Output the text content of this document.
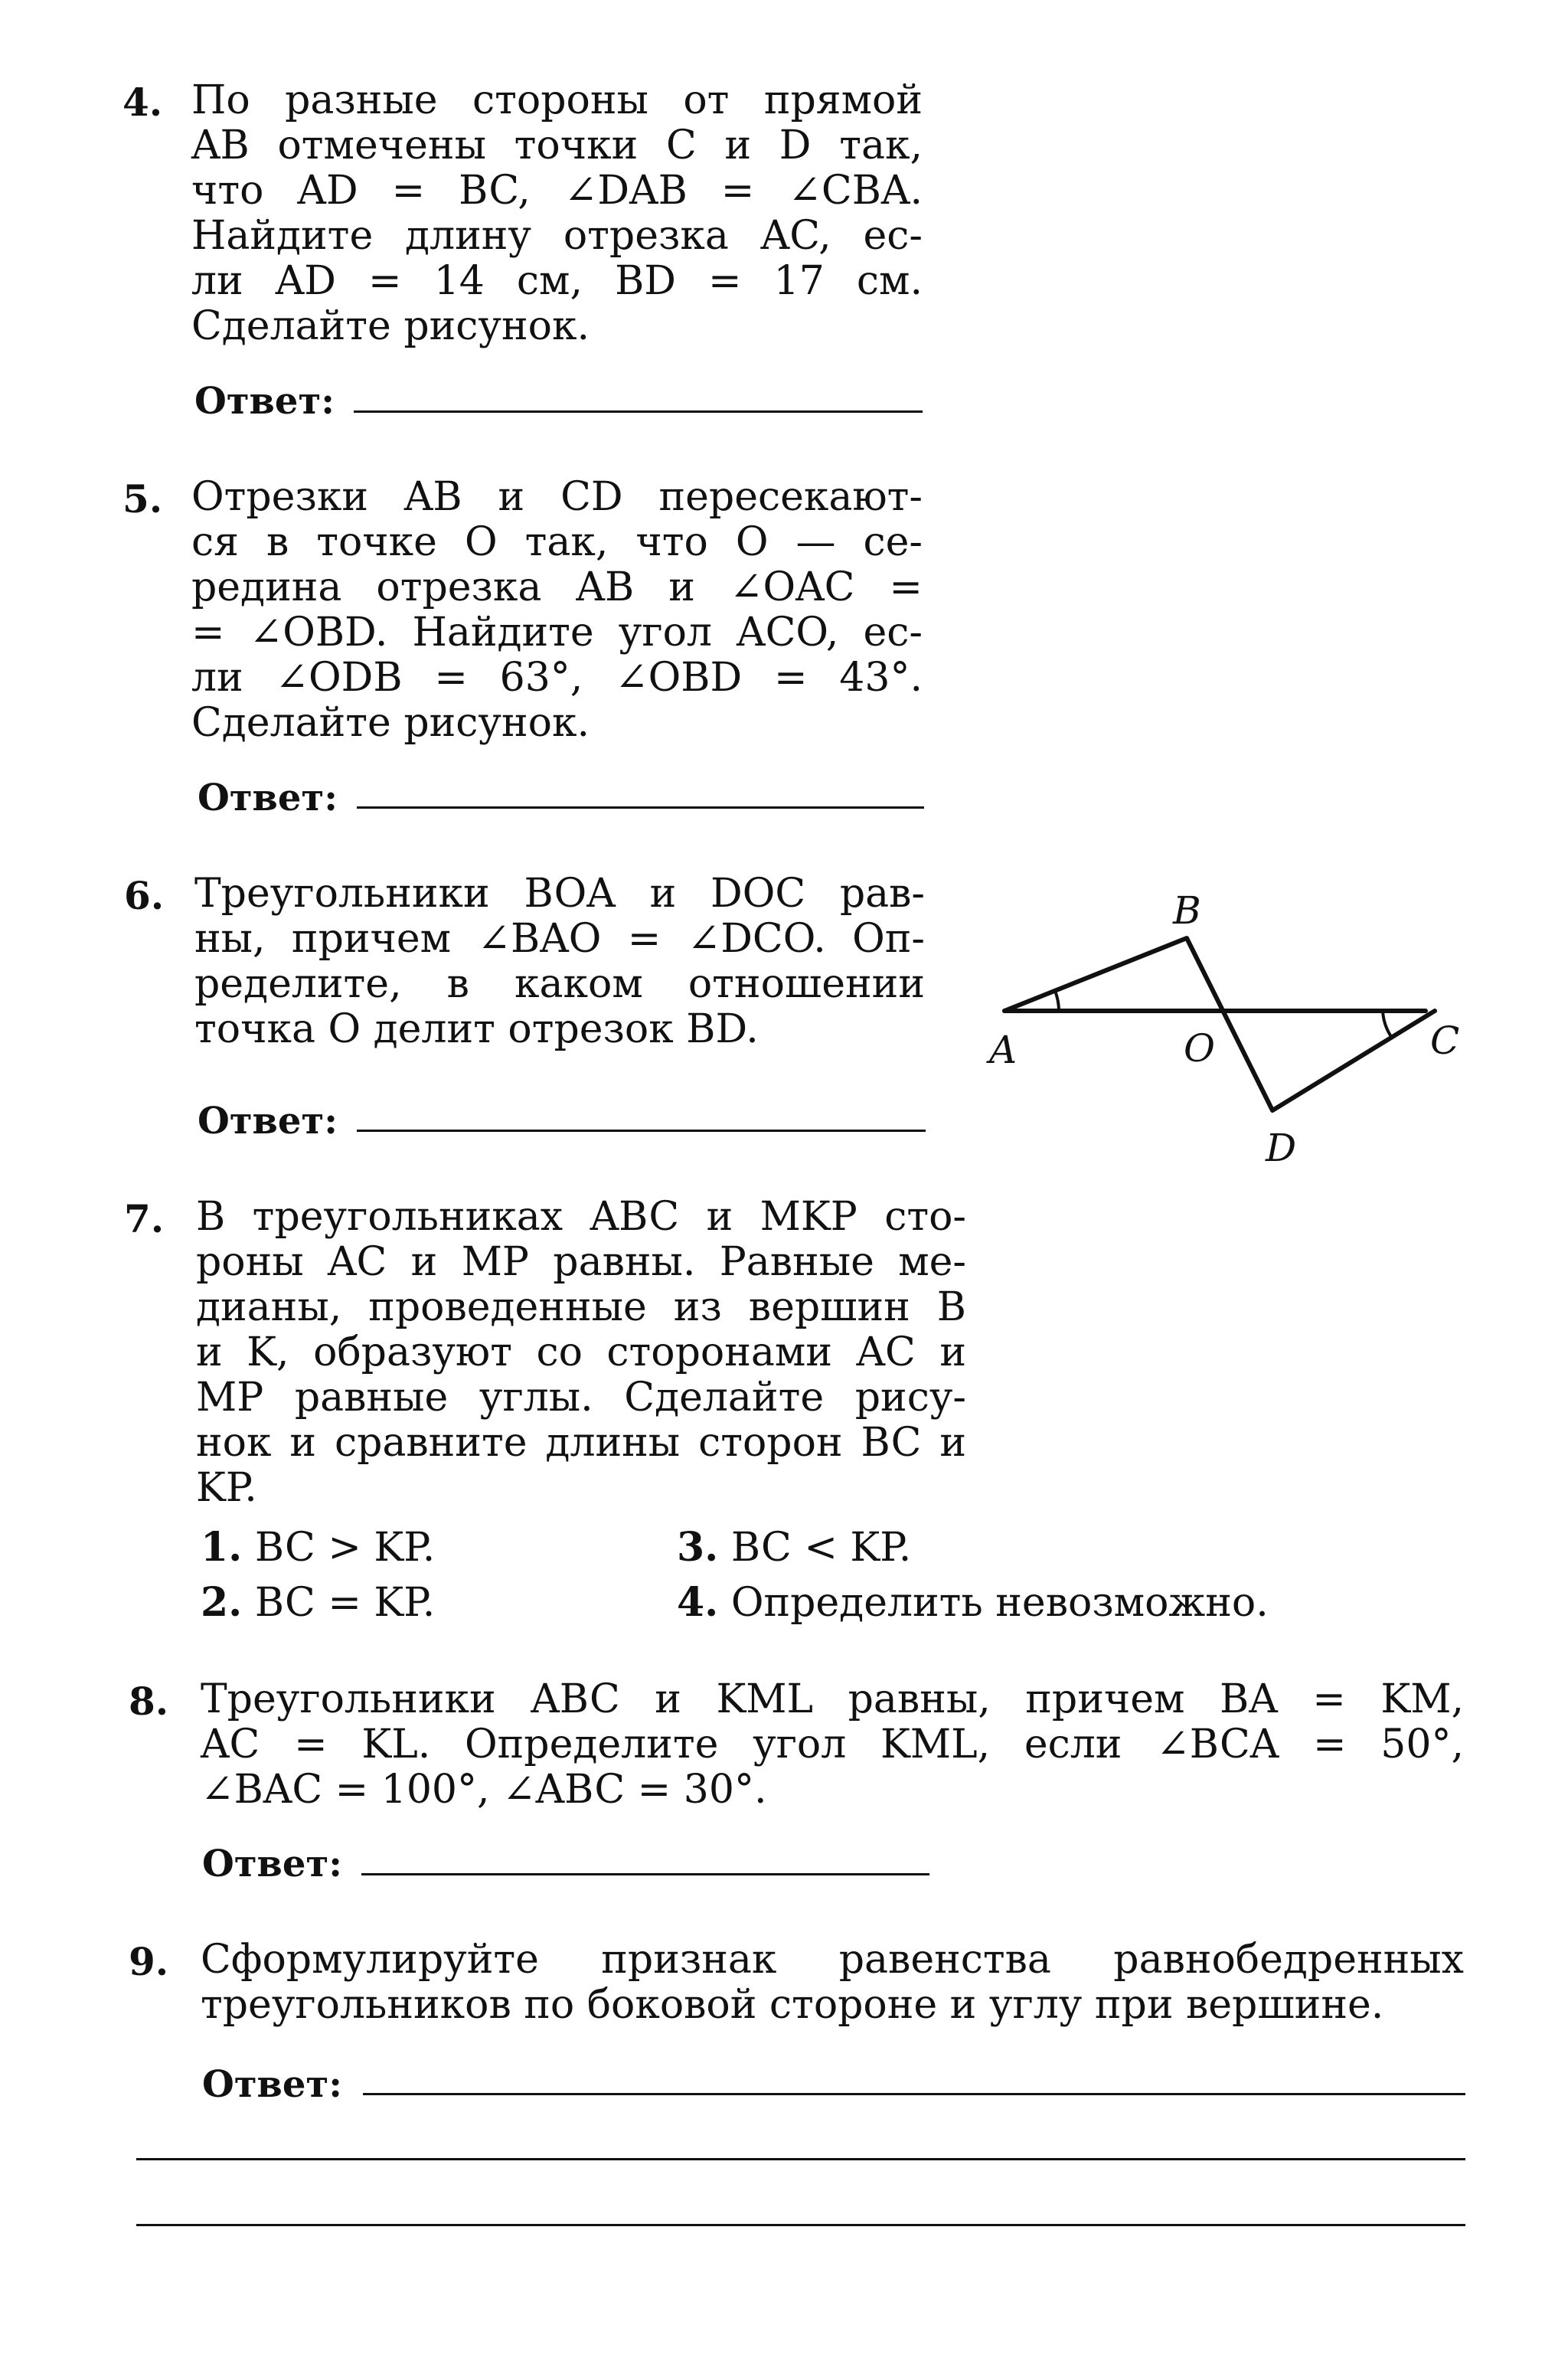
4. По разные стороны от прямой
AB отмечены точки C и D так,
что AD = BC, ∠DAB = ∠CBA.
Найдите длину отрезка AC, ес-
ли AD = 14 см, BD = 17 см.
Сделайте рисунок.
Ответ:
5. Отрезки AB и CD пересекают-
ся в точке O так, что O — се-
редина отрезка AB и ∠OAC =
= ∠OBD. Найдите угол ACO, ес-
ли ∠ODB = 63°, ∠OBD = 43°.
Сделайте рисунок.
Ответ:
6. Треугольники BOA и DOC рав-
ны, причем ∠BAO = ∠DCO. Оп-
ределите, в каком отношении
точка O делит отрезок BD.
Ответ:
B
A	O	C
D
7. В треугольниках ABC и MKP сто-
роны AC и MP равны. Равные ме-
дианы, проведенные из вершин B
и K, образуют со сторонами AC и
MP равные углы. Сделайте рису-
нок и сравните длины сторон BC и
KP.
1. BC > KP.
2. BC = KP.
3. BC < KP.
4. Определить невозможно.
8. Треугольники ABC и KML равны, причем BA = KM,
AC = KL. Определите угол KML, если ∠BCA = 50°,
∠BAC = 100°, ∠ABC = 30°.
Ответ:
9. Сформулируйте признак равенства равнобедренных
треугольников по боковой стороне и углу при вершине.
Ответ:
